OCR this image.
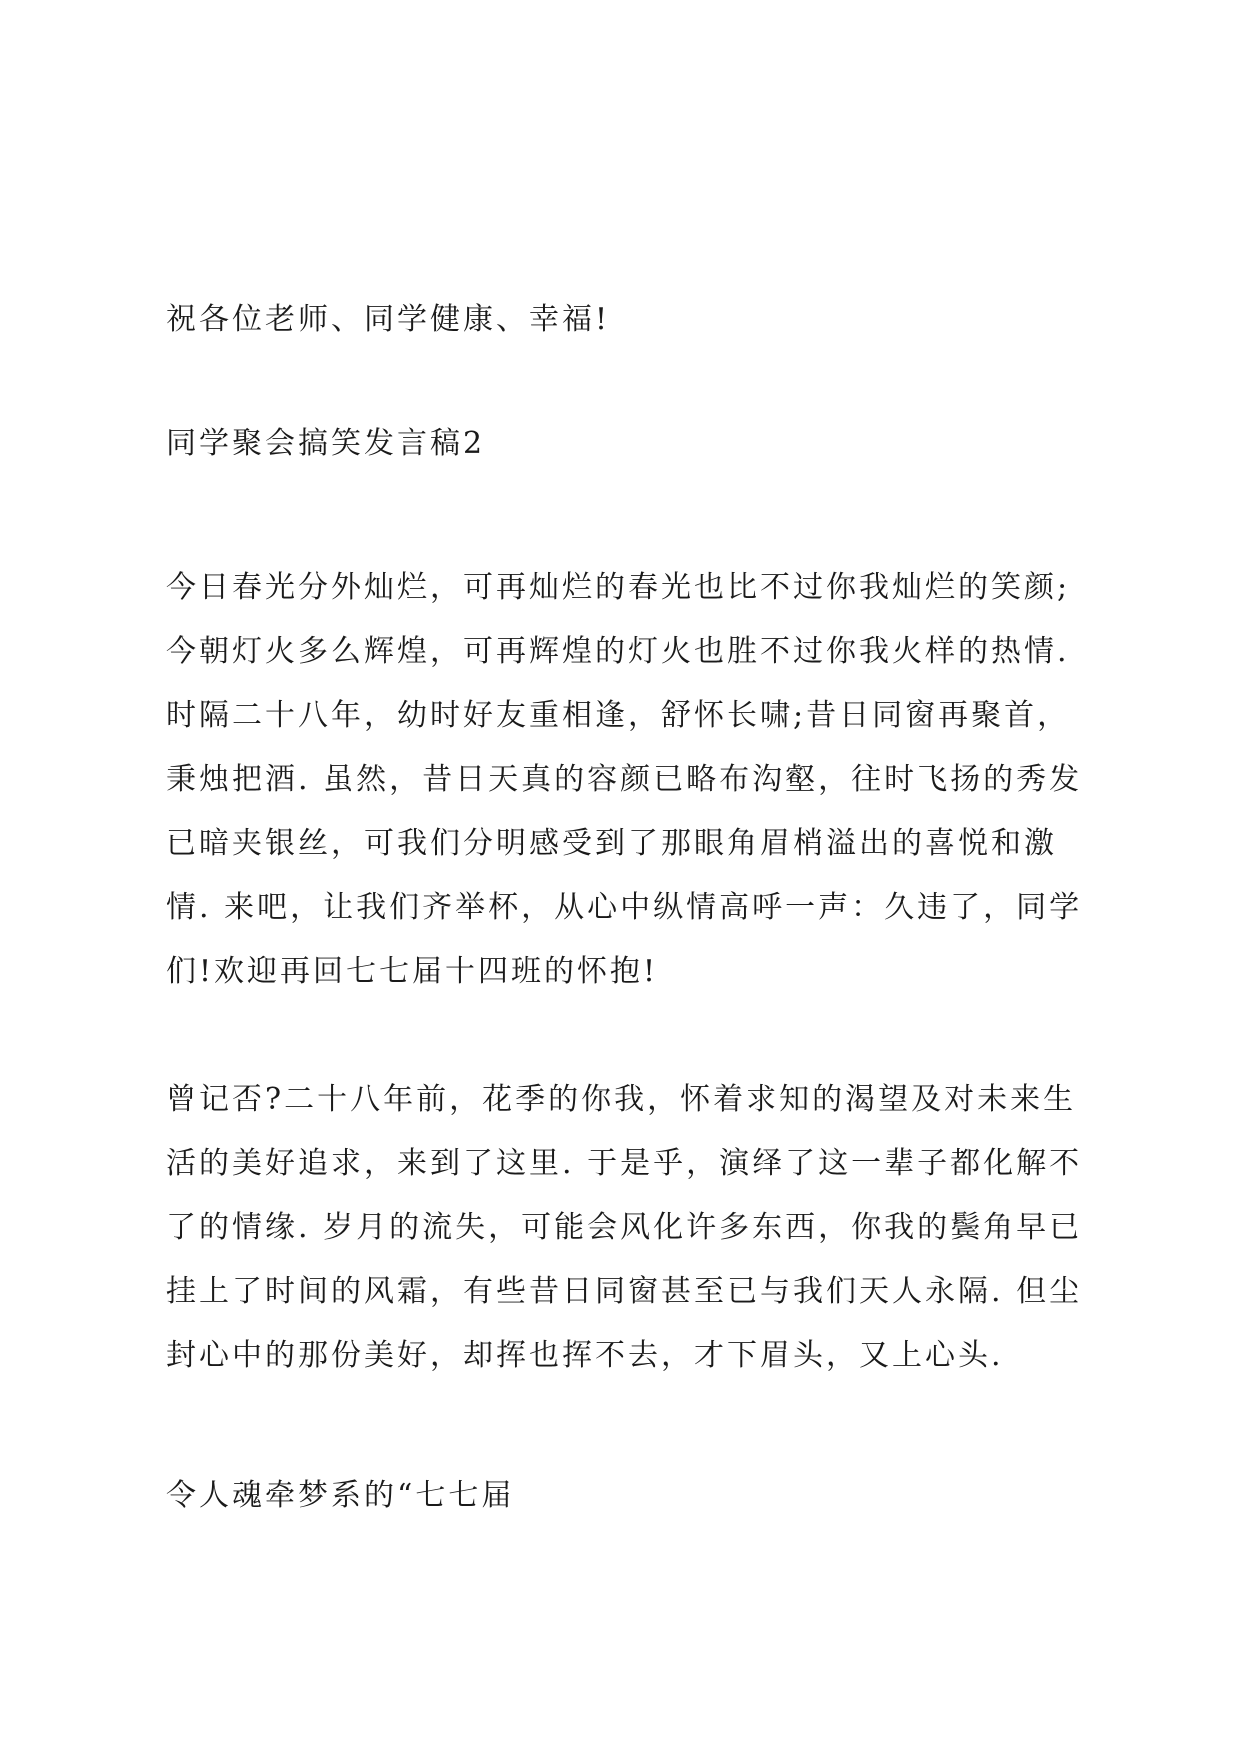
祝各位老师、同学健康、幸福!

同学聚会搞笑发言稿2

今日春光分外灿烂，可再灿烂的春光也比不过你我灿烂的笑颜;
今朝灯火多么辉煌，可再辉煌的灯火也胜不过你我火样的热情.
时隔二十八年，幼时好友重相逢，舒怀长啸;昔日同窗再聚首，
秉烛把酒. 虽然，昔日天真的容颜已略布沟壑，往时飞扬的秀发
已暗夹银丝，可我们分明感受到了那眼角眉梢溢出的喜悦和激
情. 来吧，让我们齐举杯，从心中纵情高呼一声：久违了，同学
们!欢迎再回七七届十四班的怀抱!

曾记否?二十八年前，花季的你我，怀着求知的渴望及对未来生
活的美好追求，来到了这里. 于是乎，演绎了这一辈子都化解不
了的情缘. 岁月的流失，可能会风化许多东西，你我的鬓角早已
挂上了时间的风霜，有些昔日同窗甚至已与我们天人永隔. 但尘
封心中的那份美好，却挥也挥不去，才下眉头，又上心头.

令人魂牵梦系的“七七届
